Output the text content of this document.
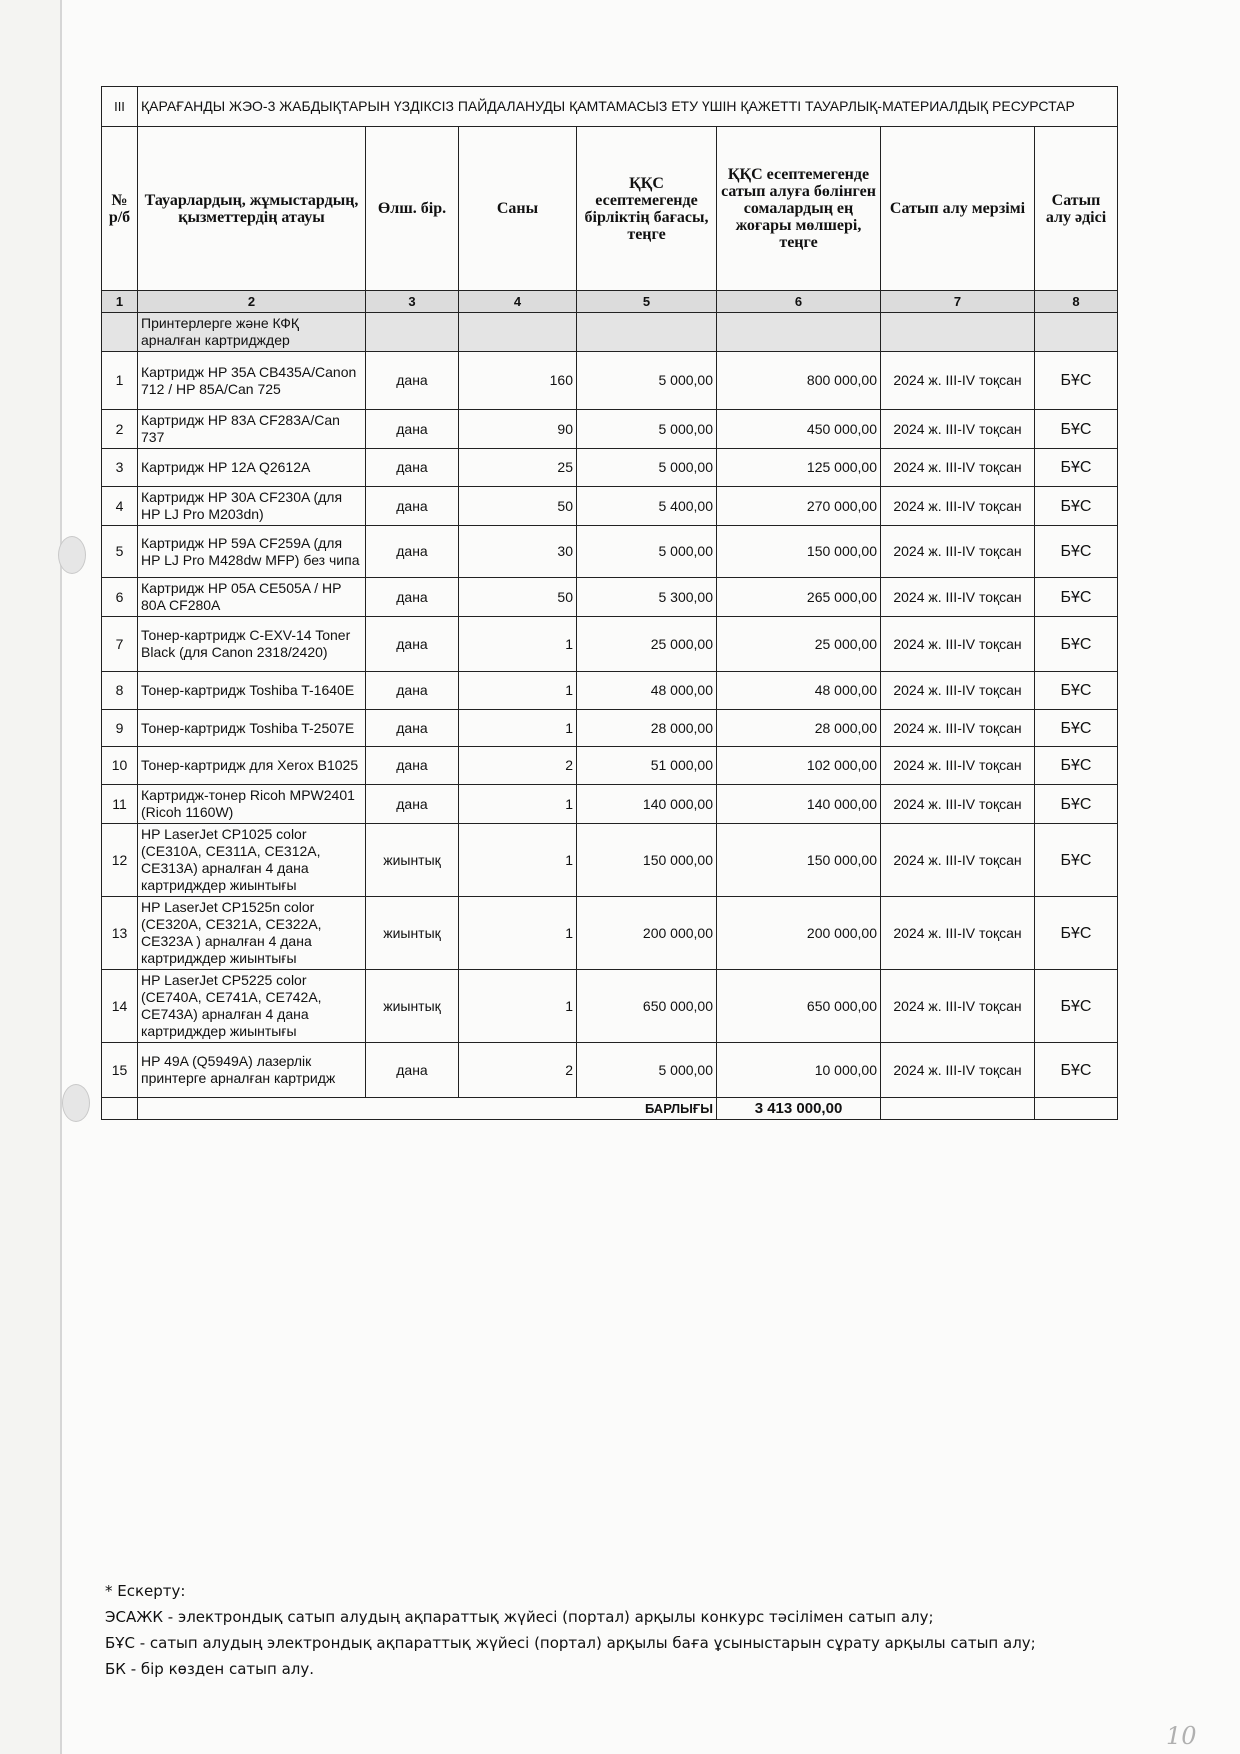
III	ҚАРАҒАНДЫ ЖЭО-3 ЖАБДЫҚТАРЫН ҮЗДІКСІЗ ПАЙДАЛАНУДЫ ҚАМТАМАСЫЗ ЕТУ ҮШІН ҚАЖЕТТІ ТАУАРЛЫҚ-МАТЕРИАЛДЫҚ РЕСУРСТАР						
№ р/б	Тауарлардың, жұмыстардың, қызметтердің атауы	Өлш. бір.	Саны	ҚҚС есептемегенде бірліктің бағасы, теңге	ҚҚС есептемегенде сатып алуға бөлінген сомалардың ең жоғары мөлшері, теңге	Сатып алу мерзімі	Сатып алу әдісі
1	2	3	4	5	6	7	8
	Принтерлерге және КФҚ арналған картридждер						
1	Картридж HP 35A CB435A/Canon 712 / HP 85A/Can 725	дана	160	5 000,00	800 000,00	2024 ж. III-IV тоқсан	БҰС
2	Картридж HP 83A CF283A/Can 737	дана	90	5 000,00	450 000,00	2024 ж. III-IV тоқсан	БҰС
3	Картридж HP 12A Q2612A	дана	25	5 000,00	125 000,00	2024 ж. III-IV тоқсан	БҰС
4	Картридж HP 30A CF230A (для HP LJ Pro M203dn)	дана	50	5 400,00	270 000,00	2024 ж. III-IV тоқсан	БҰС
5	Картридж HP 59A CF259A (для HP LJ Pro M428dw MFP) без чипа	дана	30	5 000,00	150 000,00	2024 ж. III-IV тоқсан	БҰС
6	Картридж HP 05A CE505A / HP 80A CF280A	дана	50	5 300,00	265 000,00	2024 ж. III-IV тоқсан	БҰС
7	Тонер-картридж C-EXV-14 Toner Black (для Canon 2318/2420)	дана	1	25 000,00	25 000,00	2024 ж. III-IV тоқсан	БҰС
8	Тонер-картридж Toshiba T-1640E	дана	1	48 000,00	48 000,00	2024 ж. III-IV тоқсан	БҰС
9	Тонер-картридж Toshiba T-2507E	дана	1	28 000,00	28 000,00	2024 ж. III-IV тоқсан	БҰС
10	Тонер-картридж для Xerox B1025	дана	2	51 000,00	102 000,00	2024 ж. III-IV тоқсан	БҰС
11	Картридж-тонер Ricoh MPW2401 (Ricoh 1160W)	дана	1	140 000,00	140 000,00	2024 ж. III-IV тоқсан	БҰС
12	HP LaserJet CP1025 color (CE310A, CE311A, CE312A, CE313A) арналған 4 дана картридждер жиынтығы	жиынтық	1	150 000,00	150 000,00	2024 ж. III-IV тоқсан	БҰС
13	HP LaserJet CP1525n color (CE320A, CE321A, CE322A, CE323A ) арналған 4 дана картридждер жиынтығы	жиынтық	1	200 000,00	200 000,00	2024 ж. III-IV тоқсан	БҰС
14	HP LaserJet CP5225 color (CE740A, CE741A, CE742A, CE743A) арналған 4 дана картридждер жиынтығы	жиынтық	1	650 000,00	650 000,00	2024 ж. III-IV тоқсан	БҰС
15	HP 49A (Q5949A) лазерлік принтерге арналған картридж	дана	2	5 000,00	10 000,00	2024 ж. III-IV тоқсан	БҰС
	БАРЛЫҒЫ				3 413 000,00		
* Ескерту:
ЭСАЖК - электрондық сатып алудың ақпараттық жүйесі (портал) арқылы конкурс тәсілімен сатып алу;
БҰС - сатып алудың электрондық ақпараттық жүйесі (портал) арқылы баға ұсыныстарын сұрату арқылы сатып алу;
БК - бір көзден сатып алу.
10
